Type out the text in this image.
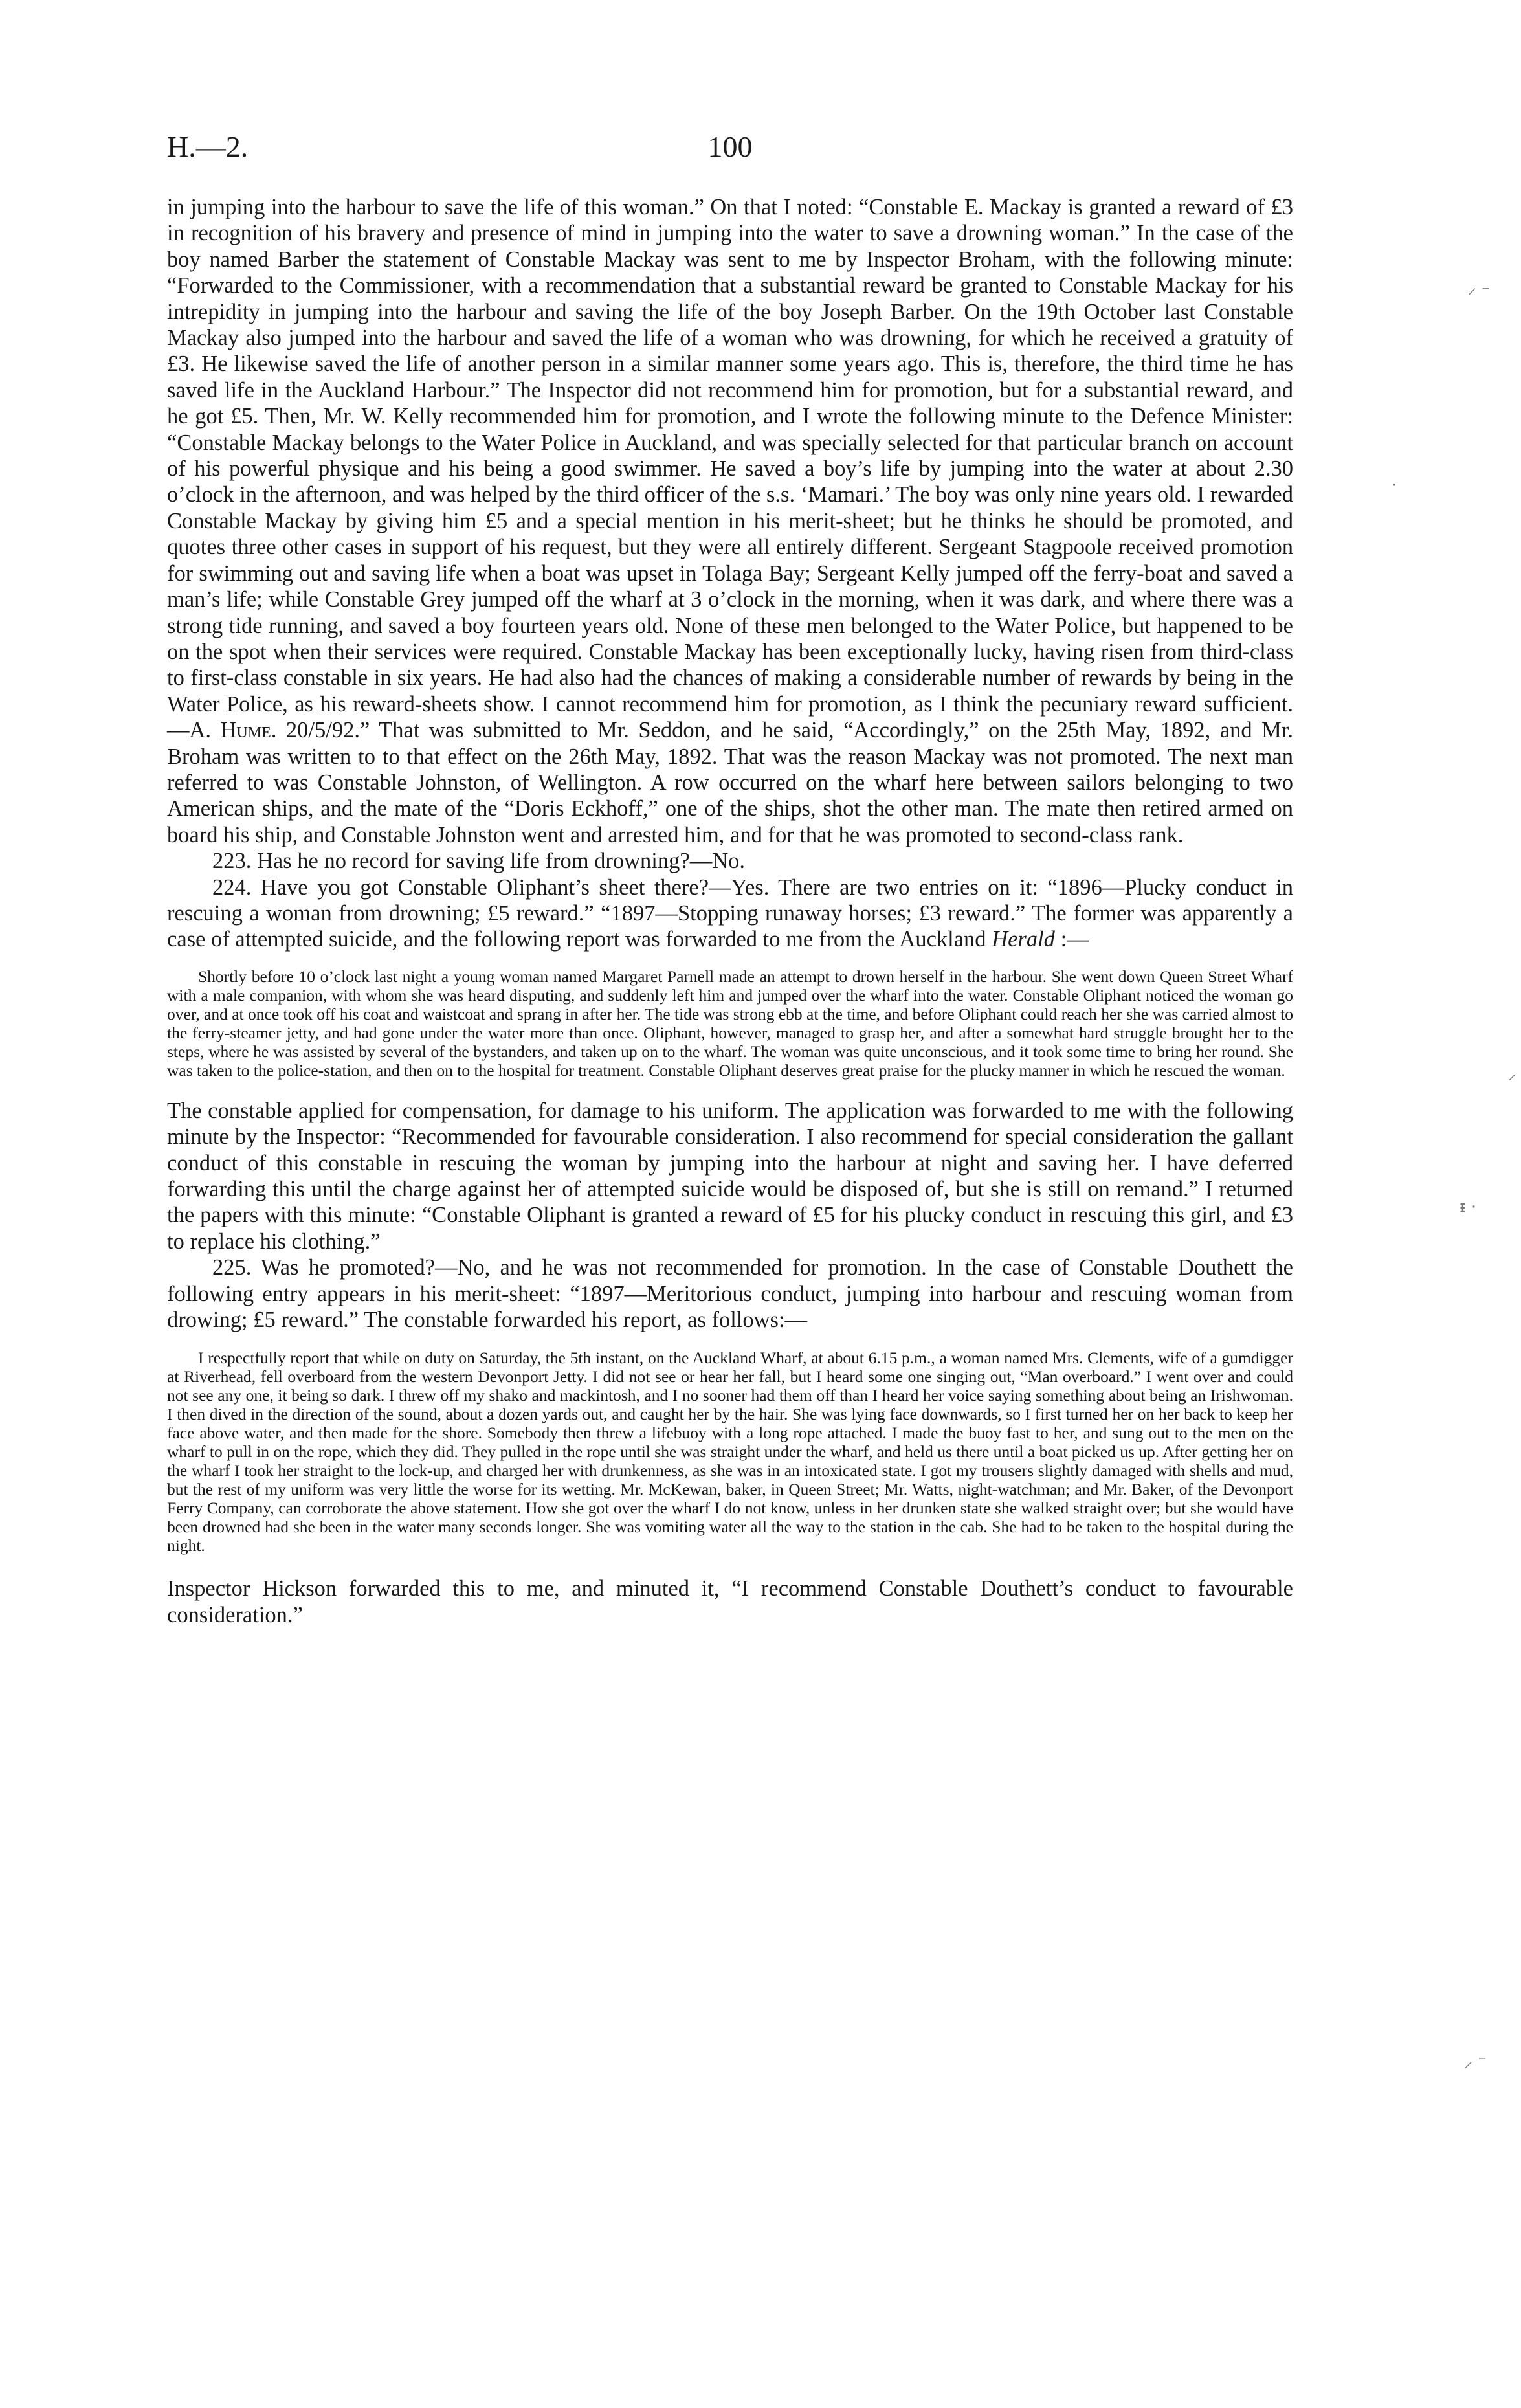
H.—2.	100

in jumping into the harbour to save the life of this woman.” On that I noted: “Constable E. Mackay is granted a reward of £3 in recognition of his bravery and presence of mind in jumping into the water to save a drowning woman.” In the case of the boy named Barber the statement of Constable Mackay was sent to me by Inspector Broham, with the following minute: “Forwarded to the Commissioner, with a recommendation that a substantial reward be granted to Constable Mackay for his intrepidity in jumping into the harbour and saving the life of the boy Joseph Barber. On the 19th October last Constable Mackay also jumped into the harbour and saved the life of a woman who was drowning, for which he received a gratuity of £3. He likewise saved the life of another person in a similar manner some years ago. This is, therefore, the third time he has saved life in the Auckland Harbour.” The Inspector did not recommend him for promotion, but for a substantial reward, and he got £5. Then, Mr. W. Kelly recommended him for promotion, and I wrote the following minute to the Defence Minister: “Constable Mackay belongs to the Water Police in Auckland, and was specially selected for that particular branch on account of his powerful physique and his being a good swimmer. He saved a boy’s life by jumping into the water at about 2.30 o’clock in the afternoon, and was helped by the third officer of the s.s. ‘Mamari.’ The boy was only nine years old. I rewarded Constable Mackay by giving him £5 and a special mention in his merit-sheet; but he thinks he should be promoted, and quotes three other cases in support of his request, but they were all entirely different. Sergeant Stagpoole received promotion for swimming out and saving life when a boat was upset in Tolaga Bay; Sergeant Kelly jumped off the ferry-boat and saved a man’s life; while Constable Grey jumped off the wharf at 3 o’clock in the morning, when it was dark, and where there was a strong tide running, and saved a boy fourteen years old. None of these men belonged to the Water Police, but happened to be on the spot when their services were required. Constable Mackay has been exceptionally lucky, having risen from third-class to first-class constable in six years. He had also had the chances of making a considerable number of rewards by being in the Water Police, as his reward-sheets show. I cannot recommend him for promotion, as I think the pecuniary reward sufficient.—A. Hume. 20/5/92.” That was submitted to Mr. Seddon, and he said, “Accordingly,” on the 25th May, 1892, and Mr. Broham was written to to that effect on the 26th May, 1892. That was the reason Mackay was not promoted. The next man referred to was Constable Johnston, of Wellington. A row occurred on the wharf here between sailors belonging to two American ships, and the mate of the “Doris Eckhoff,” one of the ships, shot the other man. The mate then retired armed on board his ship, and Constable Johnston went and arrested him, and for that he was promoted to second-class rank.

223. Has he no record for saving life from drowning?—No.

224. Have you got Constable Oliphant’s sheet there?—Yes. There are two entries on it: “1896—Plucky conduct in rescuing a woman from drowning; £5 reward.” “1897—Stopping runaway horses; £3 reward.” The former was apparently a case of attempted suicide, and the following report was forwarded to me from the Auckland Herald :—

Shortly before 10 o’clock last night a young woman named Margaret Parnell made an attempt to drown herself in the harbour. She went down Queen Street Wharf with a male companion, with whom she was heard disputing, and suddenly left him and jumped over the wharf into the water. Constable Oliphant noticed the woman go over, and at once took off his coat and waistcoat and sprang in after her. The tide was strong ebb at the time, and before Oliphant could reach her she was carried almost to the ferry-steamer jetty, and had gone under the water more than once. Oliphant, however, managed to grasp her, and after a somewhat hard struggle brought her to the steps, where he was assisted by several of the bystanders, and taken up on to the wharf. The woman was quite unconscious, and it took some time to bring her round. She was taken to the police-station, and then on to the hospital for treatment. Constable Oliphant deserves great praise for the plucky manner in which he rescued the woman.

The constable applied for compensation, for damage to his uniform. The application was forwarded to me with the following minute by the Inspector: “Recommended for favourable consideration. I also recommend for special consideration the gallant conduct of this constable in rescuing the woman by jumping into the harbour at night and saving her. I have deferred forwarding this until the charge against her of attempted suicide would be disposed of, but she is still on remand.” I returned the papers with this minute: “Constable Oliphant is granted a reward of £5 for his plucky conduct in rescuing this girl, and £3 to replace his clothing.”

225. Was he promoted?—No, and he was not recommended for promotion. In the case of Constable Douthett the following entry appears in his merit-sheet: “1897—Meritorious conduct, jumping into harbour and rescuing woman from drowing; £5 reward.” The constable forwarded his report, as follows:—

I respectfully report that while on duty on Saturday, the 5th instant, on the Auckland Wharf, at about 6.15 p.m., a woman named Mrs. Clements, wife of a gumdigger at Riverhead, fell overboard from the western Devonport Jetty. I did not see or hear her fall, but I heard some one singing out, “Man overboard.” I went over and could not see any one, it being so dark. I threw off my shako and mackintosh, and I no sooner had them off than I heard her voice saying something about being an Irishwoman. I then dived in the direction of the sound, about a dozen yards out, and caught her by the hair. She was lying face downwards, so I first turned her on her back to keep her face above water, and then made for the shore. Somebody then threw a lifebuoy with a long rope attached. I made the buoy fast to her, and sung out to the men on the wharf to pull in on the rope, which they did. They pulled in the rope until she was straight under the wharf, and held us there until a boat picked us up. After getting her on the wharf I took her straight to the lock-up, and charged her with drunkenness, as she was in an intoxicated state. I got my trousers slightly damaged with shells and mud, but the rest of my uniform was very little the worse for its wetting. Mr. McKewan, baker, in Queen Street; Mr. Watts, night-watchman; and Mr. Baker, of the Devonport Ferry Company, can corroborate the above statement. How she got over the wharf I do not know, unless in her drunken state she walked straight over; but she would have been drowned had she been in the water many seconds longer. She was vomiting water all the way to the station in the cab. She had to be taken to the hospital during the night.

Inspector Hickson forwarded this to me, and minuted it, “I recommend Constable Douthett’s conduct to favourable consideration.”

⸝ –
·
⸍
ᵻ ·
⸝ ⁻
